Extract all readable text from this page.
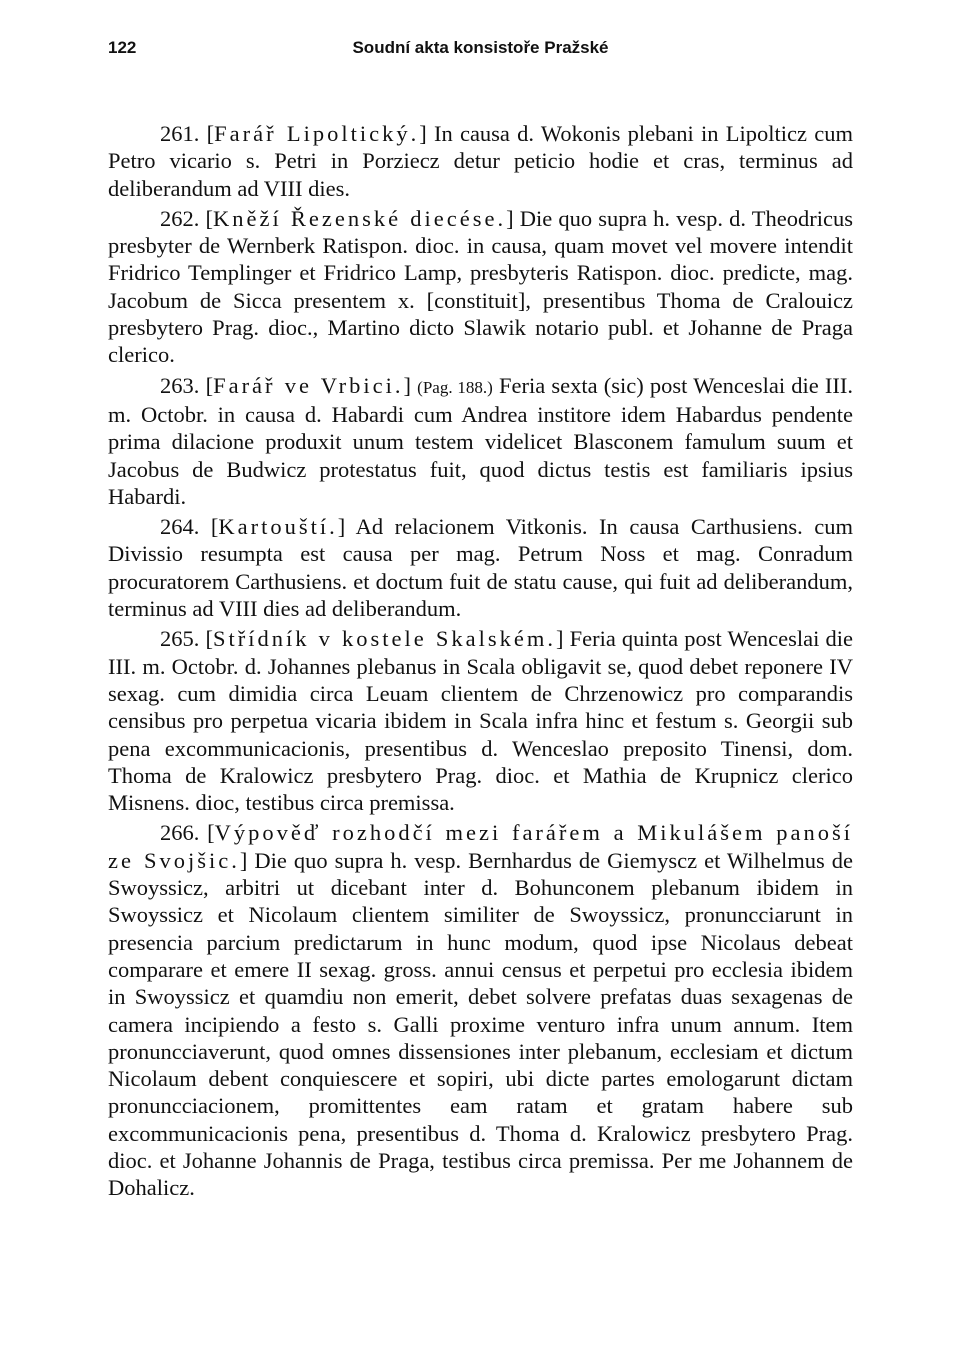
122	Soudní akta konsistoře Pražské

261. [Farář Lipoltický.] In causa d. Wokonis plebani in Lipolticz cum Petro vicario s. Petri in Porziecz detur peticio hodie et cras, terminus ad deliberandum ad VIII dies.

262. [Kněží Řezenské diecése.] Die quo supra h. vesp. d. Theodricus presbyter de Wernberk Ratispon. dioc. in causa, quam movet vel movere intendit Fridrico Templinger et Fridrico Lamp, presbyteris Ratispon. dioc. predicte, mag. Jacobum de Sicca presentem x. [constituit], presentibus Thoma de Cralouicz presbytero Prag. dioc., Martino dicto Slawik notario publ. et Johanne de Praga clerico.

263. [Farář ve Vrbici.] (Pag. 188.) Feria sexta (sic) post Wenceslai die III. m. Octobr. in causa d. Habardi cum Andrea institore idem Habardus pendente prima dilacione produxit unum testem videlicet Blasconem famulum suum et Jacobus de Budwicz protestatus fuit, quod dictus testis est familiaris ipsius Habardi.

264. [Kartouští.] Ad relacionem Vitkonis. In causa Carthusiens. cum Divissio resumpta est causa per mag. Petrum Noss et mag. Conradum procuratorem Carthusiens. et doctum fuit de statu cause, qui fuit ad deliberandum, terminus ad VIII dies ad deliberandum.

265. [Střídník v kostele Skalském.] Feria quinta post Wenceslai die III. m. Octobr. d. Johannes plebanus in Scala obligavit se, quod debet reponere IV sexag. cum dimidia circa Leuam clientem de Chrzenowicz pro comparandis censibus pro perpetua vicaria ibidem in Scala infra hinc et festum s. Georgii sub pena excommunicacionis, presentibus d. Wenceslao preposito Tinensi, dom. Thoma de Kralowicz presbytero Prag. dioc. et Mathia de Krupnicz clerico Misnens. dioc, testibus circa premissa.

266. [Výpověď rozhodčí mezi farářem a Mikulášem panoší ze Svojšic.] Die quo supra h. vesp. Bernhardus de Giemyscz et Wilhelmus de Swoyssicz, arbitri ut dicebant inter d. Bohunconem plebanum ibidem in Swoyssicz et Nicolaum clientem similiter de Swoyssicz, pronuncciarunt in presencia parcium predictarum in hunc modum, quod ipse Nicolaus debeat comparare et emere II sexag. gross. annui census et perpetui pro ecclesia ibidem in Swoyssicz et quamdiu non emerit, debet solvere prefatas duas sexagenas de camera incipiendo a festo s. Galli proxime venturo infra unum annum. Item pronuncciaverunt, quod omnes dissensiones inter plebanum, ecclesiam et dictum Nicolaum debent conquiescere et sopiri, ubi dicte partes emologarunt dictam pronuncciacionem, promittentes eam ratam et gratam habere sub excommunicacionis pena, presentibus d. Thoma d. Kralowicz presbytero Prag. dioc. et Johanne Johannis de Praga, testibus circa premissa. Per me Johannem de Dohalicz.
